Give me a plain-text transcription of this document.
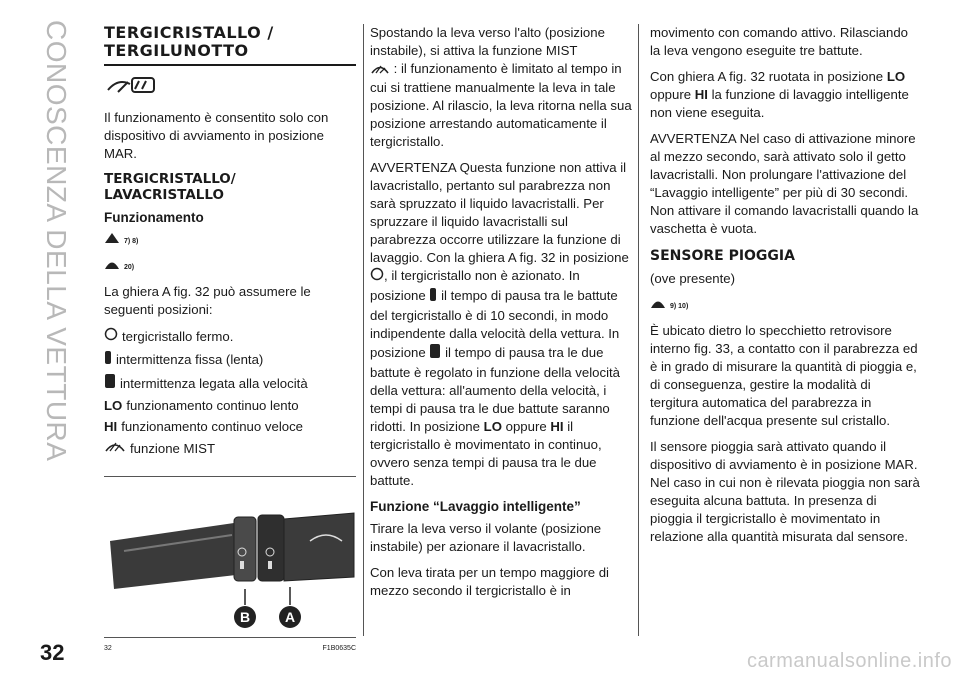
CONOSCENZA DELLA VETTURA TERGICRISTALLO / TERGILUNOTTO

Il funzionamento è consentito solo con dispositivo di avviamento in posizione MAR.

TERGICRISTALLO/ LAVACRISTALLO
Funzionamento
7) 8)
20)

La ghiera A fig. 32 può assumere le seguenti posizioni:

tergicristallo fermo.
intermittenza fissa (lenta)
intermittenza legata alla velocità
LO funzionamento continuo lento
HI funzionamento continuo veloce
funzione MIST
B A
32	F1B0635C

Spostando la leva verso l'alto (posizione instabile), si attiva la funzione MIST
: il funzionamento è limitato al tempo in cui si trattiene manualmente la leva in tale posizione. Al rilascio, la leva ritorna nella sua posizione arrestando automaticamente il tergicristallo.

AVVERTENZA Questa funzione non attiva il lavacristallo, pertanto sul parabrezza non sarà spruzzato il liquido lavacristalli. Per spruzzare il liquido lavacristalli sul parabrezza occorre utilizzare la funzione di lavaggio. Con la ghiera A fig. 32 in posizione , il tergicristallo non è azionato. In posizione il tempo di pausa tra le battute del tergicristallo è di 10 secondi, in modo indipendente dalla velocità della vettura. In posizione il tempo di pausa tra le due battute è regolato in funzione della velocità della vettura: all'aumento della velocità, i tempi di pausa tra le due battute saranno ridotti. In posizione LO oppure HI il tergicristallo è movimentato in continuo, ovvero senza tempi di pausa tra le due battute.

Funzione “Lavaggio intelligente”

Tirare la leva verso il volante (posizione instabile) per azionare il lavacristallo.

Con leva tirata per un tempo maggiore di mezzo secondo il tergicristallo è in

movimento con comando attivo. Rilasciando la leva vengono eseguite tre battute.

Con ghiera A fig. 32 ruotata in posizione LO oppure HI la funzione di lavaggio intelligente non viene eseguita.

AVVERTENZA Nel caso di attivazione minore al mezzo secondo, sarà attivato solo il getto lavacristalli. Non prolungare l'attivazione del “Lavaggio intelligente” per più di 30 secondi. Non attivare il comando lavacristalli quando la vaschetta è vuota.

SENSORE PIOGGIA

(ove presente)

9) 10)

È ubicato dietro lo specchietto retrovisore interno fig. 33, a contatto con il parabrezza ed è in grado di misurare la quantità di pioggia e, di conseguenza, gestire la modalità di tergitura automatica del parabrezza in funzione dell'acqua presente sul cristallo.

Il sensore pioggia sarà attivato quando il dispositivo di avviamento è in posizione MAR. Nel caso in cui non è rilevata pioggia non sarà eseguita alcuna battuta. In presenza di pioggia il tergicristallo è movimentato in relazione alla quantità misurata dal sensore.

32	carmanualsonline.info
